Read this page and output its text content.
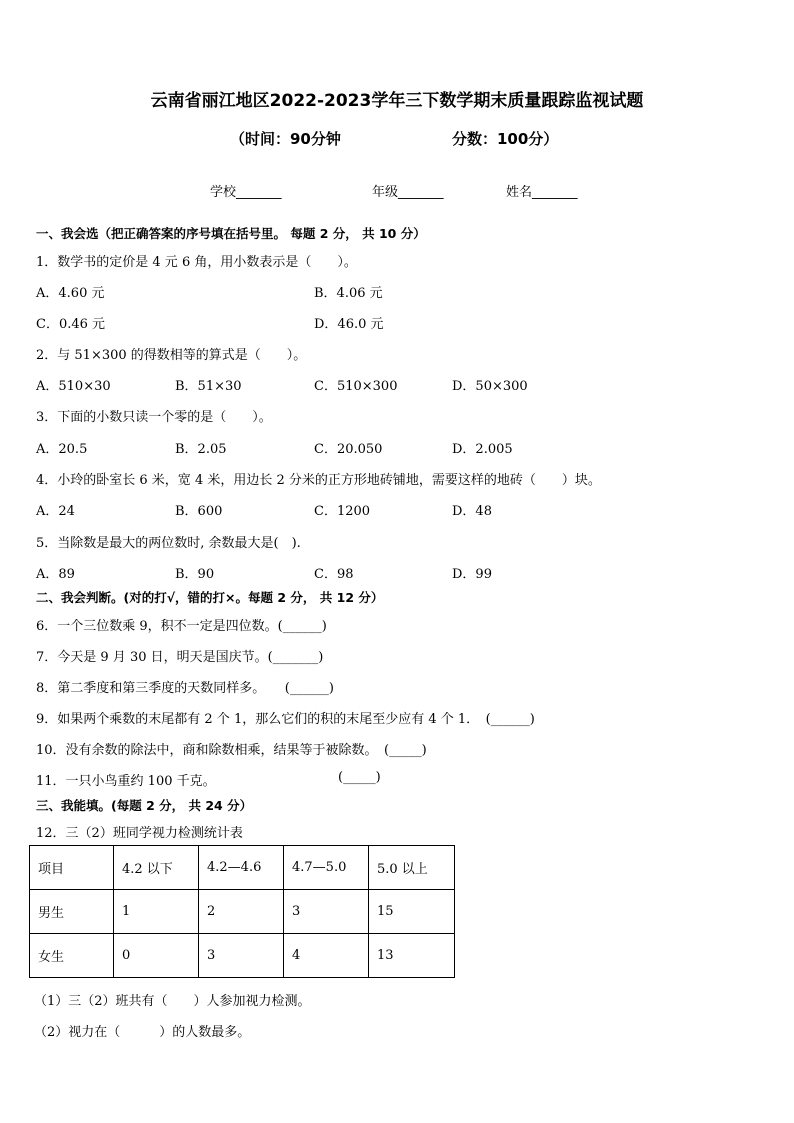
云南省丽江地区2022-2023学年三下数学期末质量跟踪监视试题
（时间：90分钟	分数：100分）
学校_______	年级_______	姓名_______
一、我会选（把正确答案的序号填在括号里。 每题 2 分， 共 10 分）
1．数学书的定价是 4 元 6 角，用小数表示是（　　）。
A．4.60 元	B．4.06 元
C．0.46 元	D．46.0 元
2．与 51×300 的得数相等的算式是（　　）。
A．510×30	B．51×30	C．510×300	D．50×300
3．下面的小数只读一个零的是（　　）。
A．20.5	B．2.05	C．20.050	D．2.005
4．小玲的卧室长 6 米，宽 4 米，用边长 2 分米的正方形地砖铺地，需要这样的地砖（　　）块。
A．24	B．600	C．1200	D．48
5．当除数是最大的两位数时, 余数最大是(　).
A．89	B．90	C．98	D．99
二、我会判断。(对的打√，错的打×。每题 2 分， 共 12 分）
6．一个三位数乘 9，积不一定是四位数。(______)
7．今天是 9 月 30 日，明天是国庆节。(_______)
8．第二季度和第三季度的天数同样多。　　(______)
9．如果两个乘数的末尾都有 2 个 1，那么它们的积的末尾至少应有 4 个 1．　(______)
10．没有余数的除法中，商和除数相乘，结果等于被除数。　(_____)
11．一只小鸟重约 100 千克。	(_____)
三、我能填。(每题 2 分， 共 24 分）
12．三（2）班同学视力检测统计表
项目	4.2 以下	4.2—4.6	4.7—5.0	5.0 以上
男生	1	2	3	15
女生	0	3	4	13
（1）三（2）班共有（　　）人参加视力检测。
（2）视力在（　　　）的人数最多。
